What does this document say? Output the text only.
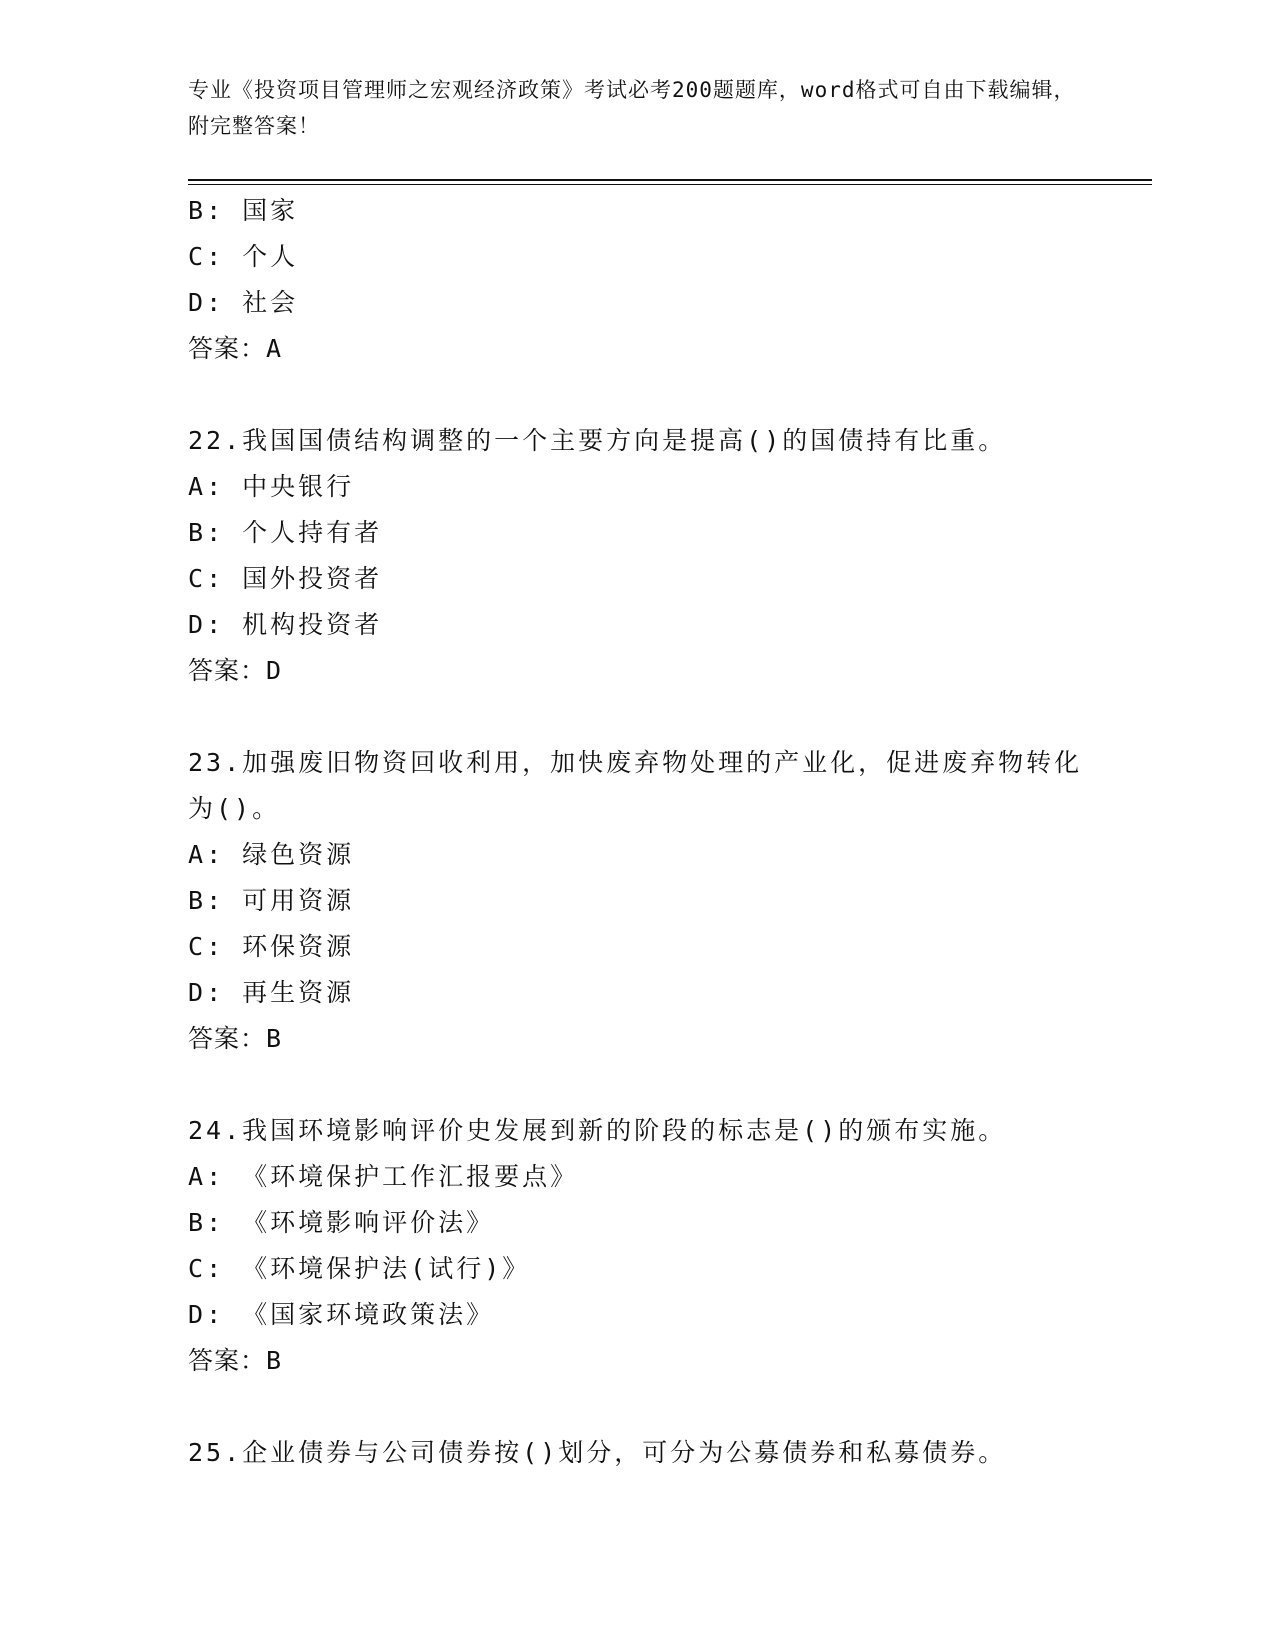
专业《投资项目管理师之宏观经济政策》考试必考200题题库，word格式可自由下载编辑，附完整答案！
B: 国家
C: 个人
D: 社会
答案：A
22.我国国债结构调整的一个主要方向是提高()的国债持有比重。
A: 中央银行
B: 个人持有者
C: 国外投资者
D: 机构投资者
答案：D
23.加强废旧物资回收利用，加快废弃物处理的产业化，促进废弃物转化为()。
A: 绿色资源
B: 可用资源
C: 环保资源
D: 再生资源
答案：B
24.我国环境影响评价史发展到新的阶段的标志是()的颁布实施。
A: 《环境保护工作汇报要点》
B: 《环境影响评价法》
C: 《环境保护法(试行)》
D: 《国家环境政策法》
答案：B
25.企业债券与公司债券按()划分，可分为公募债券和私募债券。
